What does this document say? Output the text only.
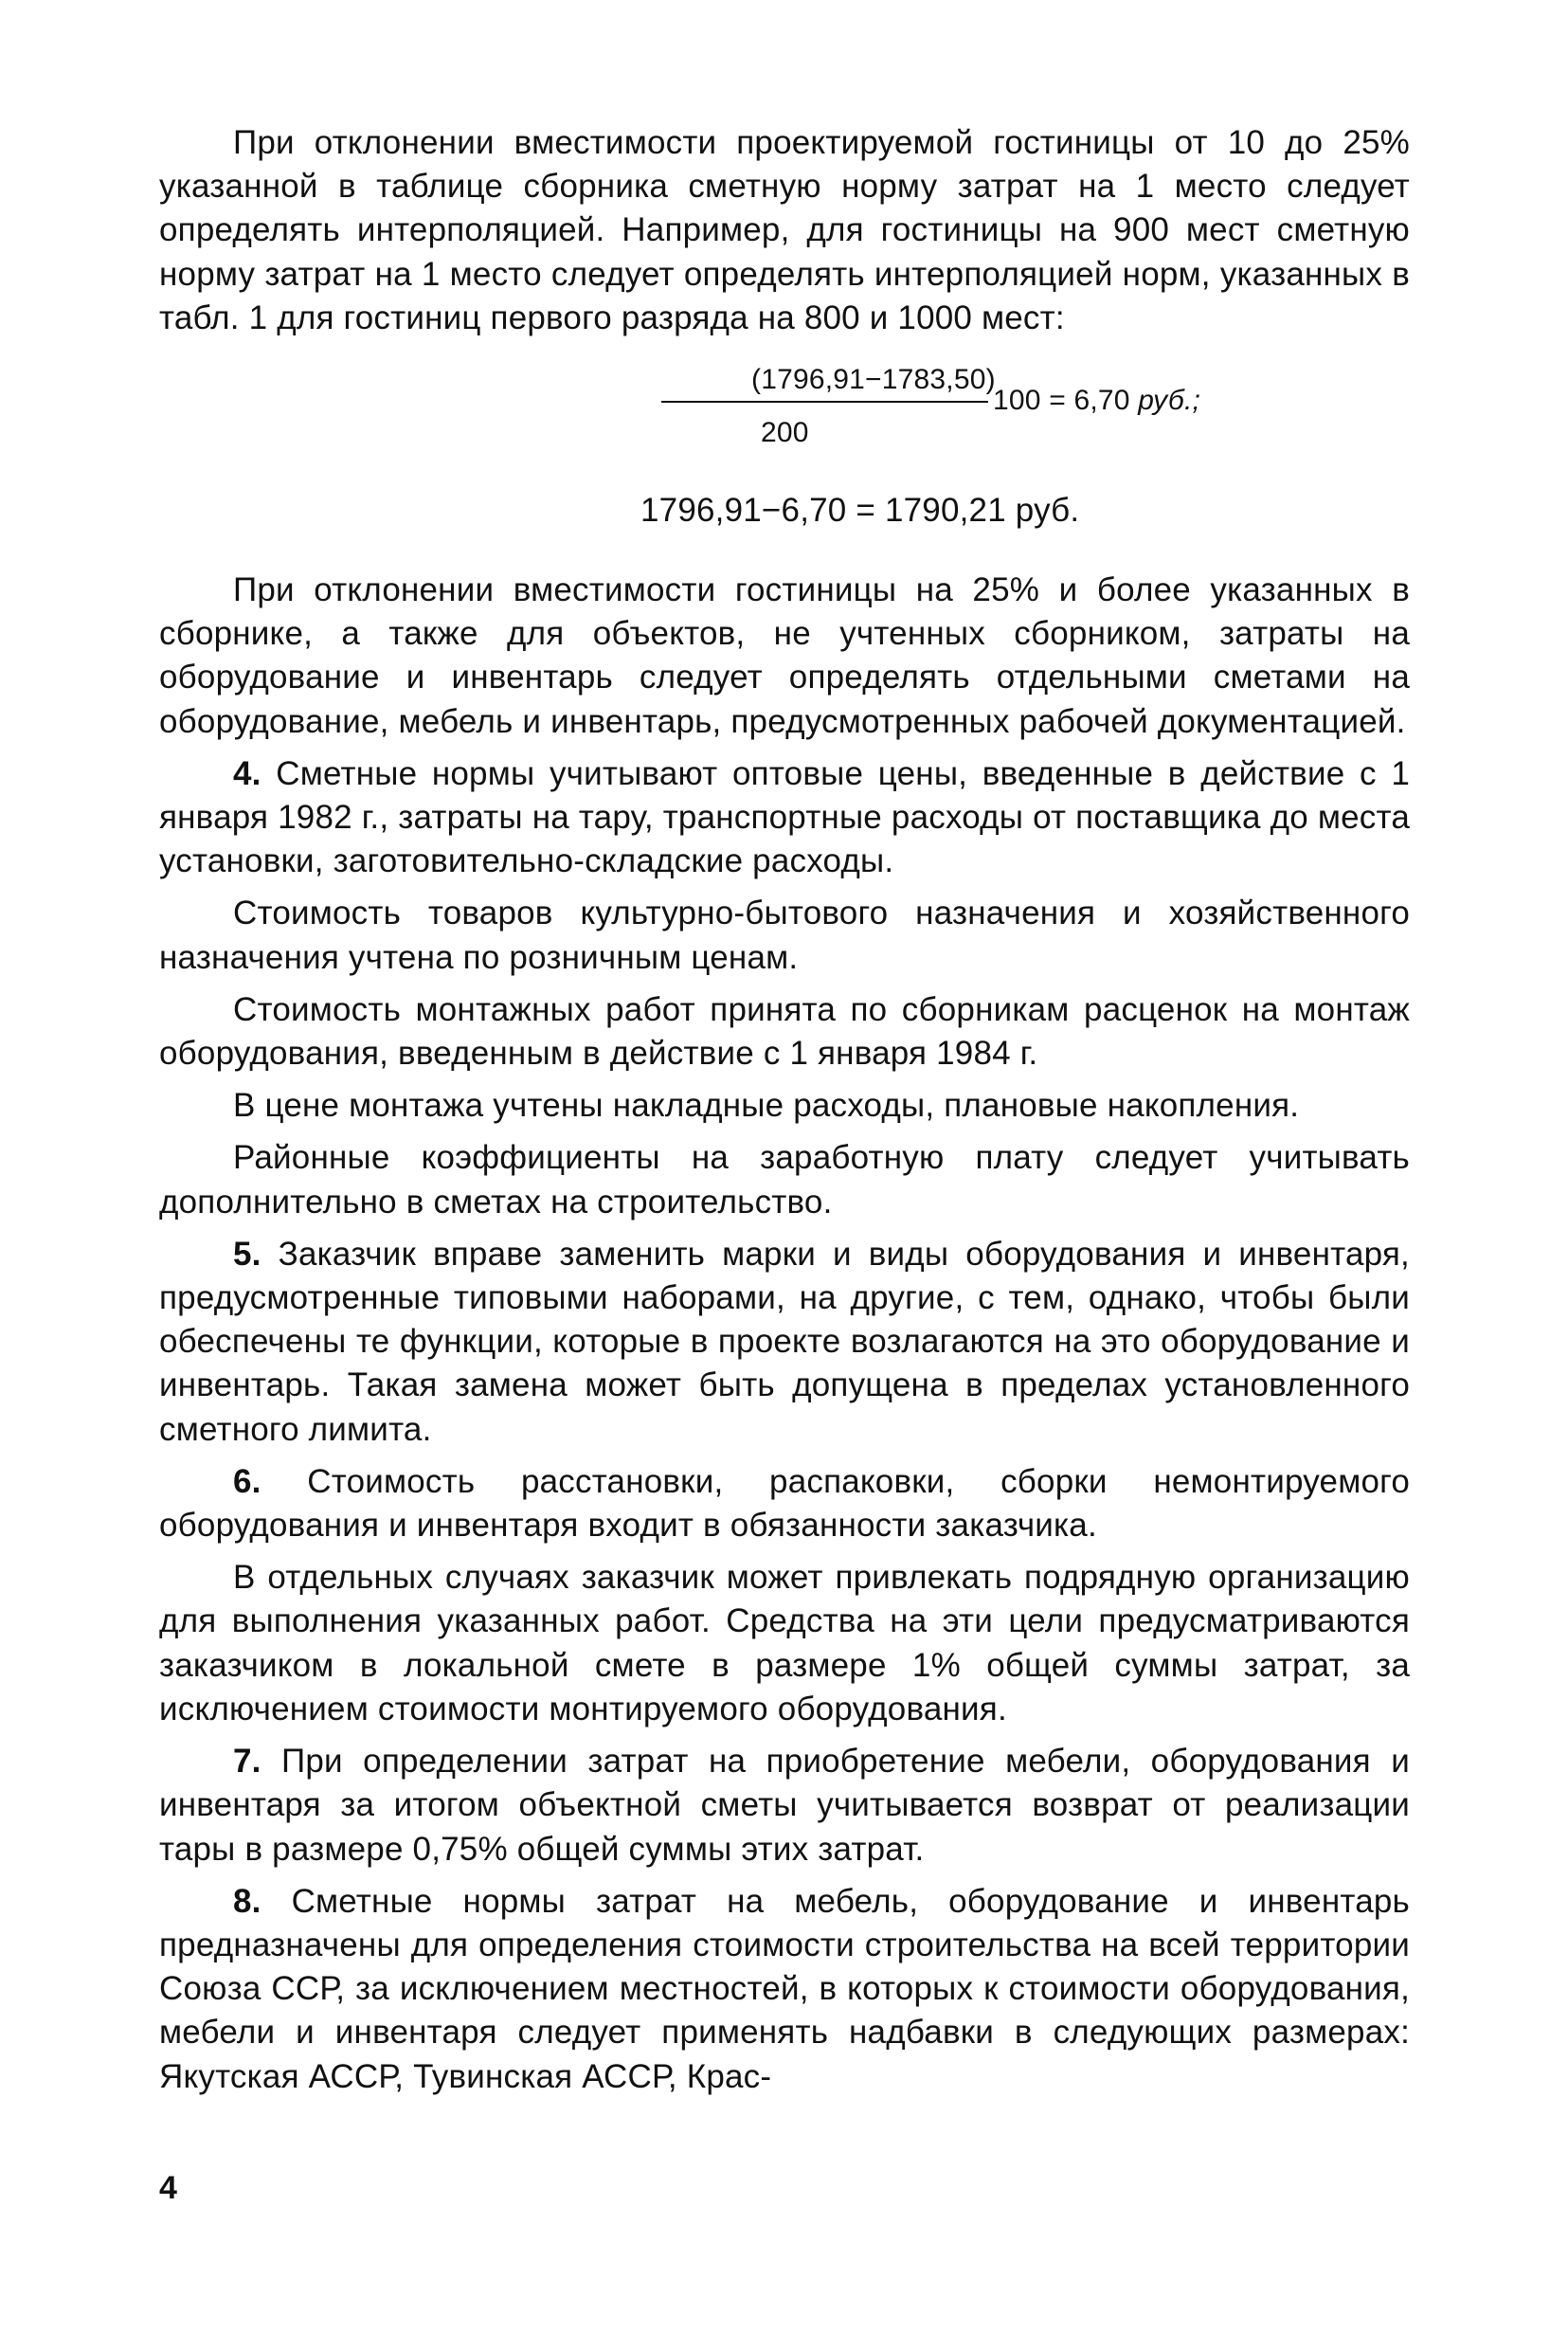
При отклонении вместимости проектируемой гостиницы от 10 до 25% указанной в таблице сборника сметную норму затрат на 1 место следует определять интерполяцией. Например, для гостиницы на 900 мест сметную норму затрат на 1 место следует определять интерполяцией норм, указанных в табл. 1 для гостиниц первого разряда на 800 и 1000 мест:

(1796,91−1783,50)
100 = 6,70 руб.;
200
1796,91−6,70 = 1790,21 руб.

При отклонении вместимости гостиницы на 25% и более указанных в сборнике, а также для объектов, не учтенных сборником, затраты на оборудование и инвентарь следует определять отдельными сметами на оборудование, мебель и инвентарь, предусмотренных рабочей документацией.

4. Сметные нормы учитывают оптовые цены, введенные в действие с 1 января 1982 г., затраты на тару, транспортные расходы от поставщика до места установки, заготовительно-складские расходы.

Стоимость товаров культурно-бытового назначения и хозяйственного назначения учтена по розничным ценам.

Стоимость монтажных работ принята по сборникам расценок на монтаж оборудования, введенным в действие с 1 января 1984 г.

В цене монтажа учтены накладные расходы, плановые накопления.

Районные коэффициенты на заработную плату следует учитывать дополнительно в сметах на строительство.

5. Заказчик вправе заменить марки и виды оборудования и инвентаря, предусмотренные типовыми наборами, на другие, с тем, однако, чтобы были обеспечены те функции, которые в проекте возлагаются на это оборудование и инвентарь. Такая замена может быть допущена в пределах установленного сметного лимита.

6. Стоимость расстановки, распаковки, сборки немонтируемого оборудования и инвентаря входит в обязанности заказчика.

В отдельных случаях заказчик может привлекать подрядную организацию для выполнения указанных работ. Средства на эти цели предусматриваются заказчиком в локальной смете в размере 1% общей суммы затрат, за исключением стоимости монтируемого оборудования.

7. При определении затрат на приобретение мебели, оборудования и инвентаря за итогом объектной сметы учитывается возврат от реализации тары в размере 0,75% общей суммы этих затрат.

8. Сметные нормы затрат на мебель, оборудование и инвентарь предназначены для определения стоимости строительства на всей территории Союза ССР, за исключением местностей, в которых к стоимости оборудования, мебели и инвентаря следует применять надбавки в следующих размерах: Якутская АССР, Тувинская АССР, Крас-

4
